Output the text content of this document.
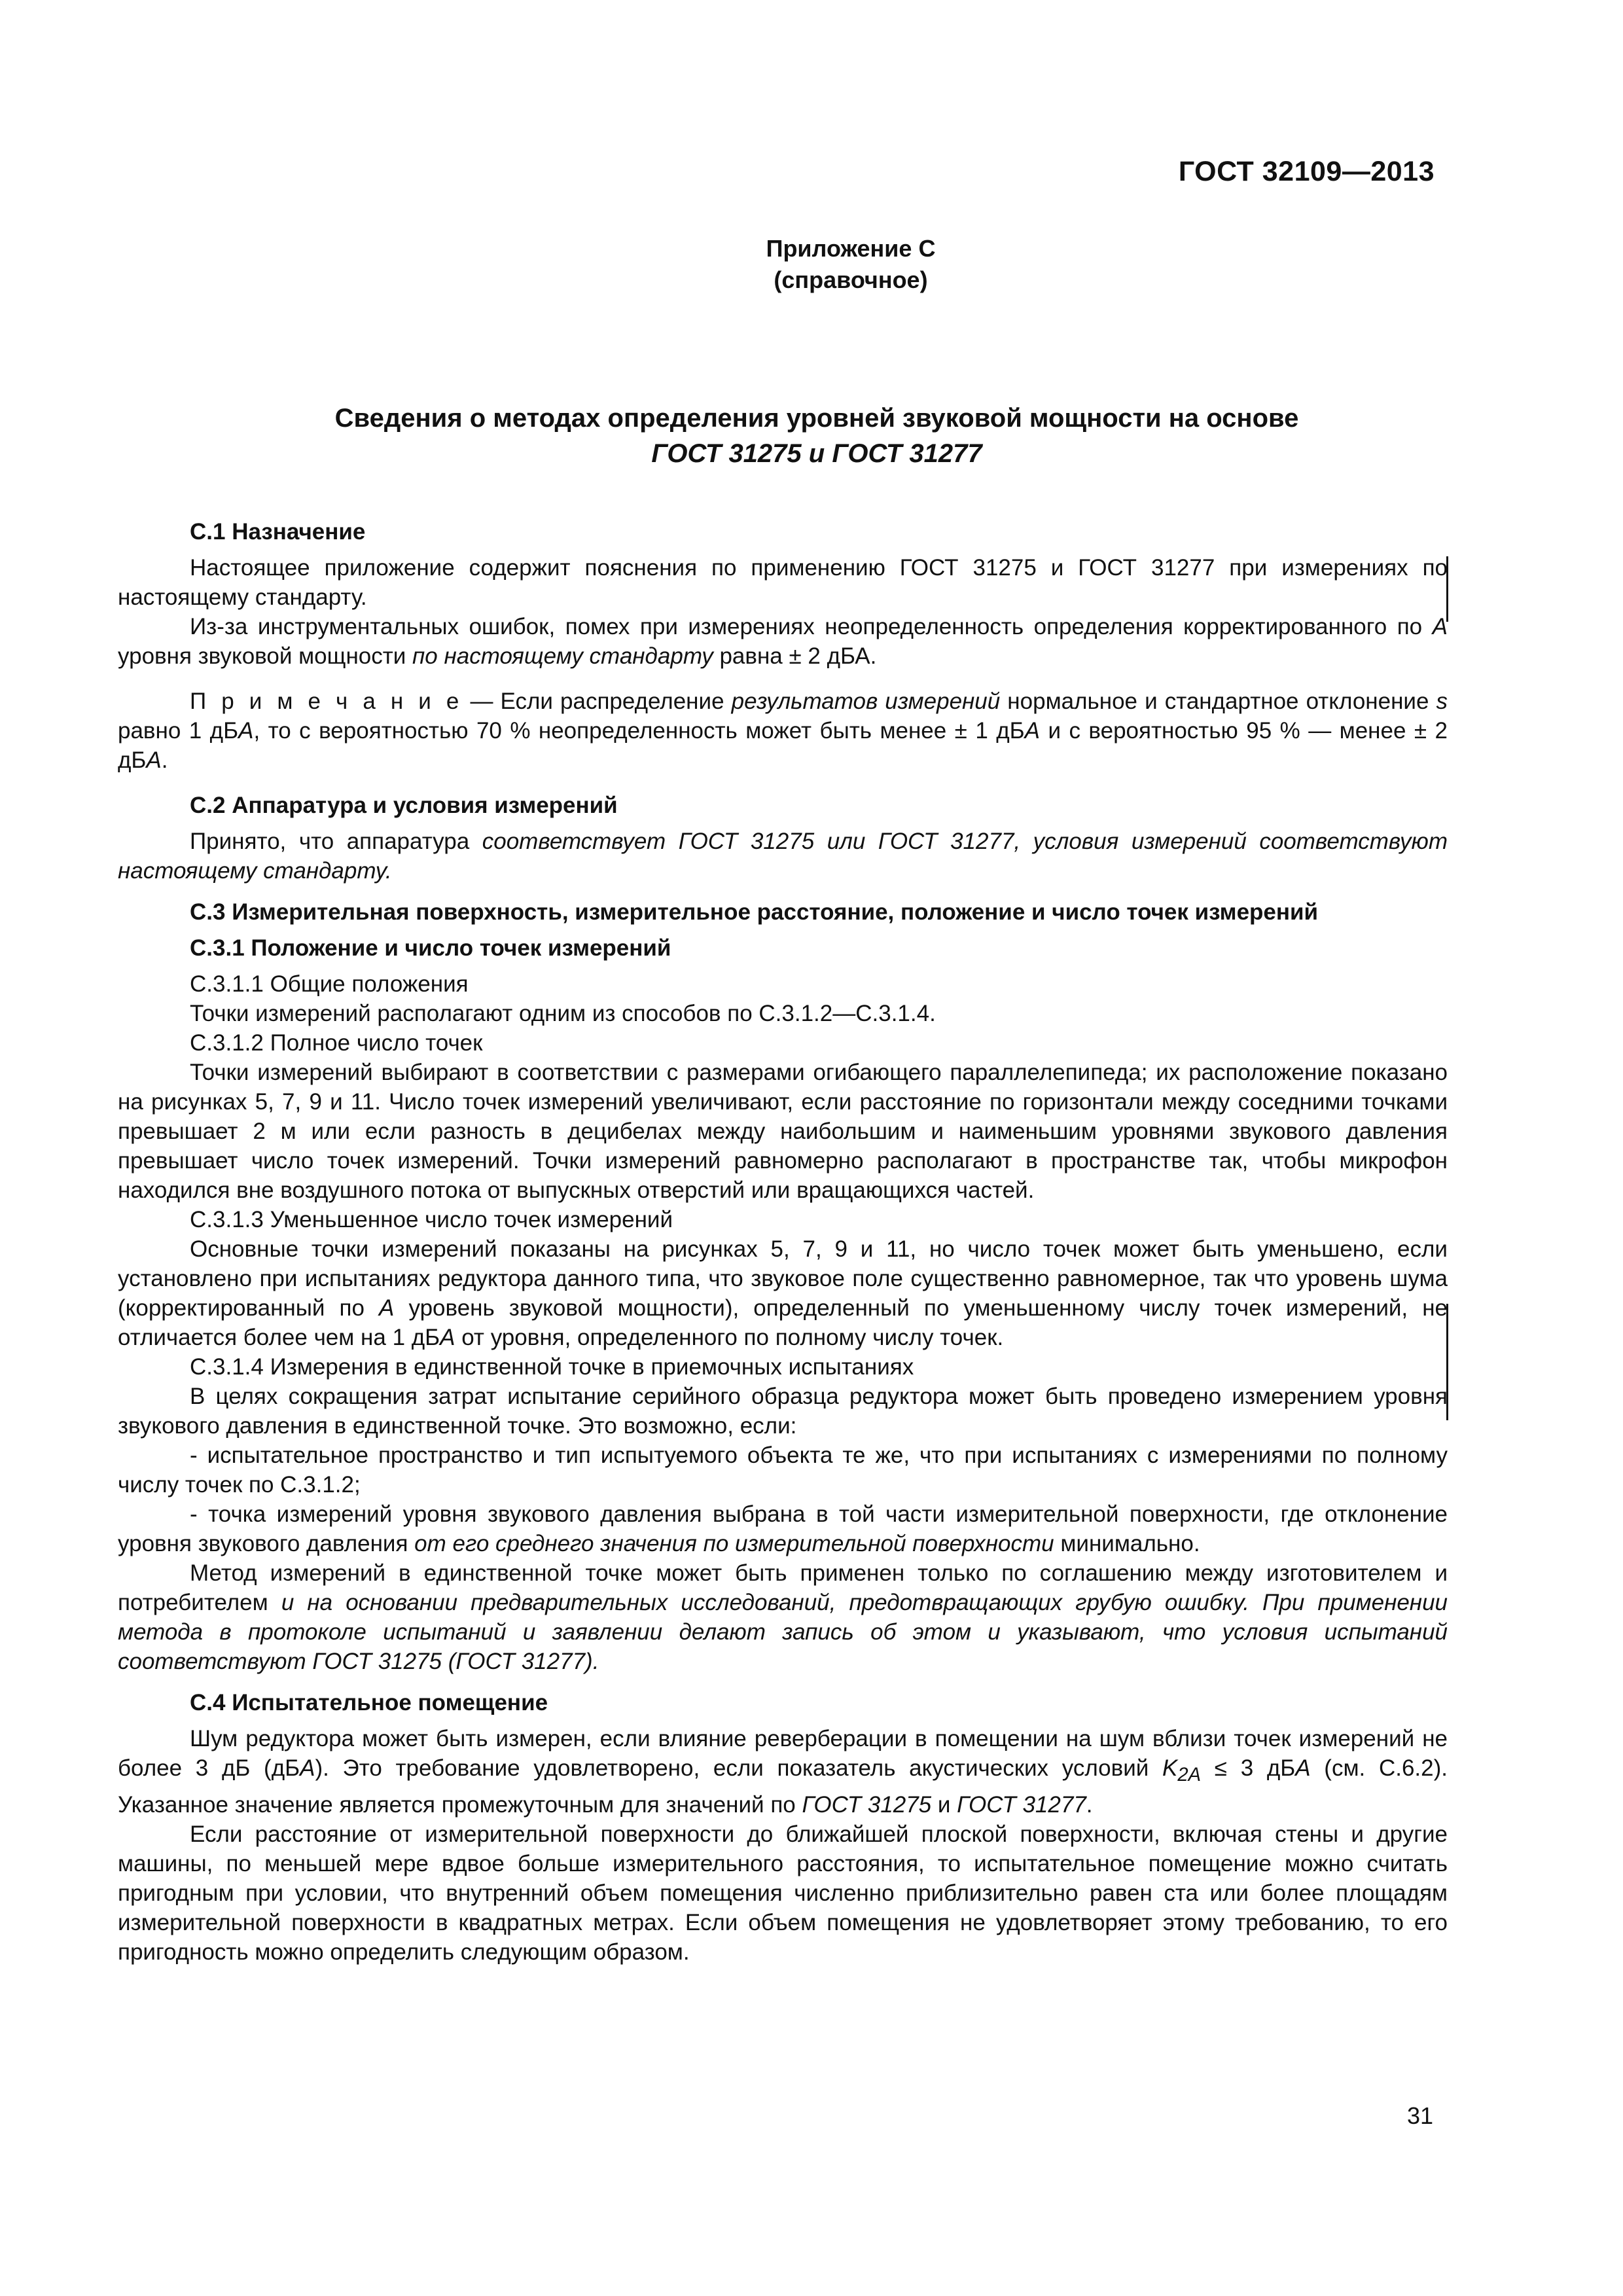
ГОСТ 32109—2013
Приложение С
(справочное)
Сведения о методах определения уровней звуковой мощности на основе
ГОСТ 31275 и ГОСТ 31277

С.1 Назначение

Настоящее приложение содержит пояснения по применению ГОСТ 31275 и ГОСТ 31277 при измерениях по настоящему стандарту.

Из-за инструментальных ошибок, помех при измерениях неопределенность определения корректированного по А уровня звуковой мощности по настоящему стандарту равна ± 2 дБА.

П р и м е ч а н и е — Если распределение результатов измерений нормальное и стандартное отклонение s равно 1 дБА, то с вероятностью 70 % неопределенность может быть менее ± 1 дБА и с вероятностью 95 % — менее ± 2 дБА.

С.2 Аппаратура и условия измерений

Принято, что аппаратура соответствует ГОСТ 31275 или ГОСТ 31277, условия измерений соответствуют настоящему стандарту.

С.3 Измерительная поверхность, измерительное расстояние, положение и число точек измерений

С.3.1 Положение и число точек измерений

С.3.1.1 Общие положения

Точки измерений располагают одним из способов по С.3.1.2—С.3.1.4.

С.3.1.2 Полное число точек

Точки измерений выбирают в соответствии с размерами огибающего параллелепипеда; их расположение показано на рисунках 5, 7, 9 и 11. Число точек измерений увеличивают, если расстояние по горизонтали между соседними точками превышает 2 м или если разность в децибелах между наибольшим и наименьшим уровнями звукового давления превышает число точек измерений. Точки измерений равномерно располагают в пространстве так, чтобы микрофон находился вне воздушного потока от выпускных отверстий или вращающихся частей.

С.3.1.3 Уменьшенное число точек измерений

Основные точки измерений показаны на рисунках 5, 7, 9 и 11, но число точек может быть уменьшено, если установлено при испытаниях редуктора данного типа, что звуковое поле существенно равномерное, так что уровень шума (корректированный по А уровень звуковой мощности), определенный по уменьшенному числу точек измерений, не отличается более чем на 1 дБА от уровня, определенного по полному числу точек.

С.3.1.4 Измерения в единственной точке в приемочных испытаниях

В целях сокращения затрат испытание серийного образца редуктора может быть проведено измерением уровня звукового давления в единственной точке. Это возможно, если:

- испытательное пространство и тип испытуемого объекта те же, что при испытаниях с измерениями по полному числу точек по С.3.1.2;

- точка измерений уровня звукового давления выбрана в той части измерительной поверхности, где отклонение уровня звукового давления от его среднего значения по измерительной поверхности минимально.

Метод измерений в единственной точке может быть применен только по соглашению между изготовителем и потребителем и на основании предварительных исследований, предотвращающих грубую ошибку. При применении метода в протоколе испытаний и заявлении делают запись об этом и указывают, что условия испытаний соответствуют ГОСТ 31275 (ГОСТ 31277).

С.4 Испытательное помещение

Шум редуктора может быть измерен, если влияние реверберации в помещении на шум вблизи точек измерений не более 3 дБ (дБА). Это требование удовлетворено, если показатель акустических условий $K_{2A} \le 3$ дБА (см. С.6.2). Указанное значение является промежуточным для значений по ГОСТ 31275 и ГОСТ 31277.

Если расстояние от измерительной поверхности до ближайшей плоской поверхности, включая стены и другие машины, по меньшей мере вдвое больше измерительного расстояния, то испытательное помещение можно считать пригодным при условии, что внутренний объем помещения численно приблизительно равен ста или более площадям измерительной поверхности в квадратных метрах. Если объем помещения не удовлетворяет этому требованию, то его пригодность можно определить следующим образом.

31
